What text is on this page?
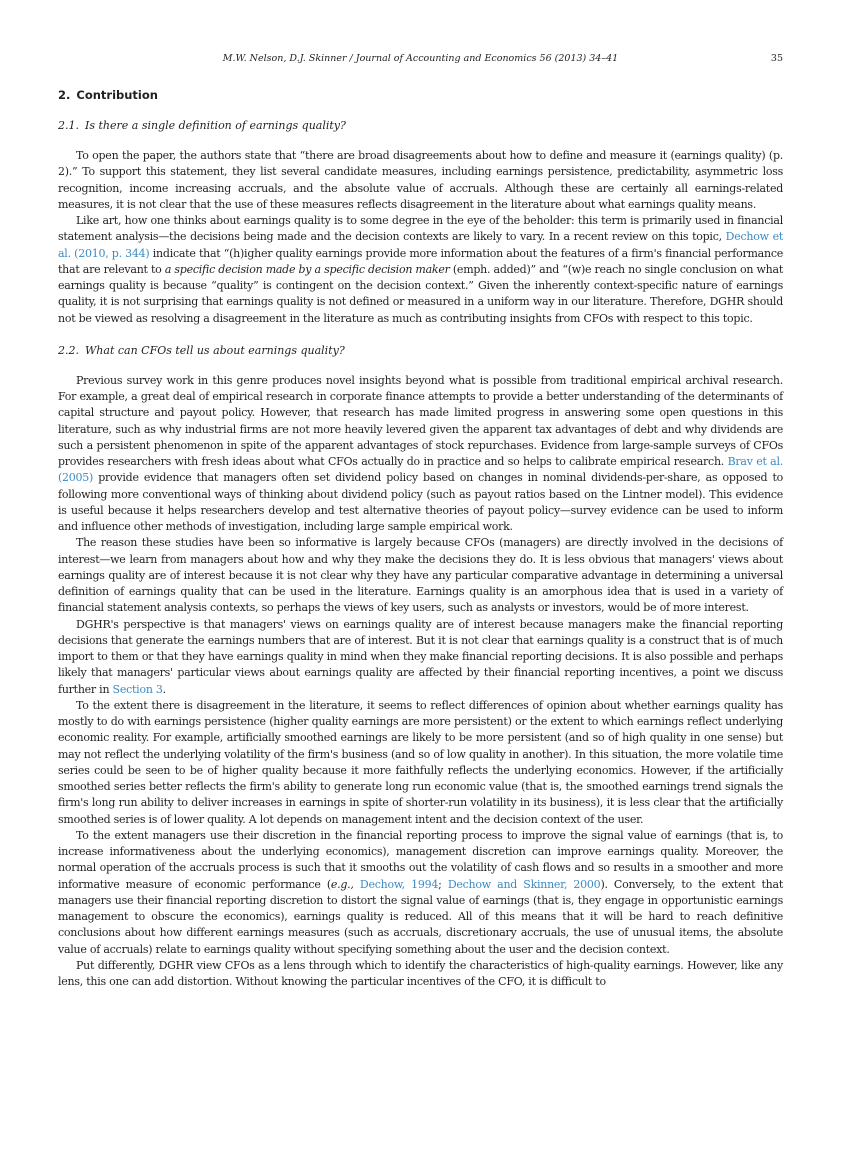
M.W. Nelson, D.J. Skinner / Journal of Accounting and Economics 56 (2013) 34–41	35
2. Contribution
2.1. Is there a single definition of earnings quality?

To open the paper, the authors state that “there are broad disagreements about how to define and measure it (earnings quality) (p. 2).” To support this statement, they list several candidate measures, including earnings persistence, predictability, asymmetric loss recognition, income increasing accruals, and the absolute value of accruals. Although these are certainly all earnings-related measures, it is not clear that the use of these measures reflects disagreement in the literature about what earnings quality means.

Like art, how one thinks about earnings quality is to some degree in the eye of the beholder: this term is primarily used in financial statement analysis—the decisions being made and the decision contexts are likely to vary. In a recent review on this topic, Dechow et al. (2010, p. 344) indicate that “(h)igher quality earnings provide more information about the features of a firm's financial performance that are relevant to a specific decision made by a specific decision maker (emph. added)” and “(w)e reach no single conclusion on what earnings quality is because “quality” is contingent on the decision context.” Given the inherently context-specific nature of earnings quality, it is not surprising that earnings quality is not defined or measured in a uniform way in our literature. Therefore, DGHR should not be viewed as resolving a disagreement in the literature as much as contributing insights from CFOs with respect to this topic.

2.2. What can CFOs tell us about earnings quality?

Previous survey work in this genre produces novel insights beyond what is possible from traditional empirical archival research. For example, a great deal of empirical research in corporate finance attempts to provide a better understanding of the determinants of capital structure and payout policy. However, that research has made limited progress in answering some open questions in this literature, such as why industrial firms are not more heavily levered given the apparent tax advantages of debt and why dividends are such a persistent phenomenon in spite of the apparent advantages of stock repurchases. Evidence from large-sample surveys of CFOs provides researchers with fresh ideas about what CFOs actually do in practice and so helps to calibrate empirical research. Brav et al. (2005) provide evidence that managers often set dividend policy based on changes in nominal dividends-per-share, as opposed to following more conventional ways of thinking about dividend policy (such as payout ratios based on the Lintner model). This evidence is useful because it helps researchers develop and test alternative theories of payout policy—survey evidence can be used to inform and influence other methods of investigation, including large sample empirical work.

The reason these studies have been so informative is largely because CFOs (managers) are directly involved in the decisions of interest—we learn from managers about how and why they make the decisions they do. It is less obvious that managers' views about earnings quality are of interest because it is not clear why they have any particular comparative advantage in determining a universal definition of earnings quality that can be used in the literature. Earnings quality is an amorphous idea that is used in a variety of financial statement analysis contexts, so perhaps the views of key users, such as analysts or investors, would be of more interest.

DGHR's perspective is that managers' views on earnings quality are of interest because managers make the financial reporting decisions that generate the earnings numbers that are of interest. But it is not clear that earnings quality is a construct that is of much import to them or that they have earnings quality in mind when they make financial reporting decisions. It is also possible and perhaps likely that managers' particular views about earnings quality are affected by their financial reporting incentives, a point we discuss further in Section 3.

To the extent there is disagreement in the literature, it seems to reflect differences of opinion about whether earnings quality has mostly to do with earnings persistence (higher quality earnings are more persistent) or the extent to which earnings reflect underlying economic reality. For example, artificially smoothed earnings are likely to be more persistent (and so of high quality in one sense) but may not reflect the underlying volatility of the firm's business (and so of low quality in another). In this situation, the more volatile time series could be seen to be of higher quality because it more faithfully reflects the underlying economics. However, if the artificially smoothed series better reflects the firm's ability to generate long run economic value (that is, the smoothed earnings trend signals the firm's long run ability to deliver increases in earnings in spite of shorter-run volatility in its business), it is less clear that the artificially smoothed series is of lower quality. A lot depends on management intent and the decision context of the user.

To the extent managers use their discretion in the financial reporting process to improve the signal value of earnings (that is, to increase informativeness about the underlying economics), management discretion can improve earnings quality. Moreover, the normal operation of the accruals process is such that it smooths out the volatility of cash flows and so results in a smoother and more informative measure of economic performance (e.g., Dechow, 1994; Dechow and Skinner, 2000). Conversely, to the extent that managers use their financial reporting discretion to distort the signal value of earnings (that is, they engage in opportunistic earnings management to obscure the economics), earnings quality is reduced. All of this means that it will be hard to reach definitive conclusions about how different earnings measures (such as accruals, discretionary accruals, the use of unusual items, the absolute value of accruals) relate to earnings quality without specifying something about the user and the decision context.

Put differently, DGHR view CFOs as a lens through which to identify the characteristics of high-quality earnings. However, like any lens, this one can add distortion. Without knowing the particular incentives of the CFO, it is difficult to
